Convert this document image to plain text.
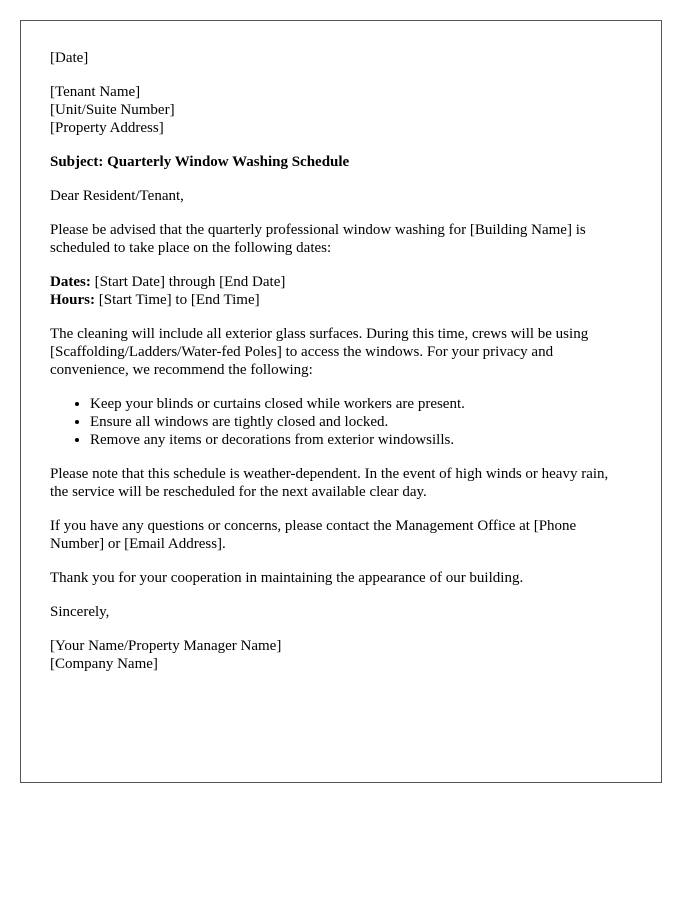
[Date]

[Tenant Name]
[Unit/Suite Number]
[Property Address]

Subject: Quarterly Window Washing Schedule

Dear Resident/Tenant,

Please be advised that the quarterly professional window washing for [Building Name] is scheduled to take place on the following dates:

Dates: [Start Date] through [End Date]
Hours: [Start Time] to [End Time]

The cleaning will include all exterior glass surfaces. During this time, crews will be using [Scaffolding/Ladders/Water-fed Poles] to access the windows. For your privacy and convenience, we recommend the following:

• Keep your blinds or curtains closed while workers are present.
• Ensure all windows are tightly closed and locked.
• Remove any items or decorations from exterior windowsills.

Please note that this schedule is weather-dependent. In the event of high winds or heavy rain, the service will be rescheduled for the next available clear day.

If you have any questions or concerns, please contact the Management Office at [Phone Number] or [Email Address].

Thank you for your cooperation in maintaining the appearance of our building.

Sincerely,

[Your Name/Property Manager Name]
[Company Name]
